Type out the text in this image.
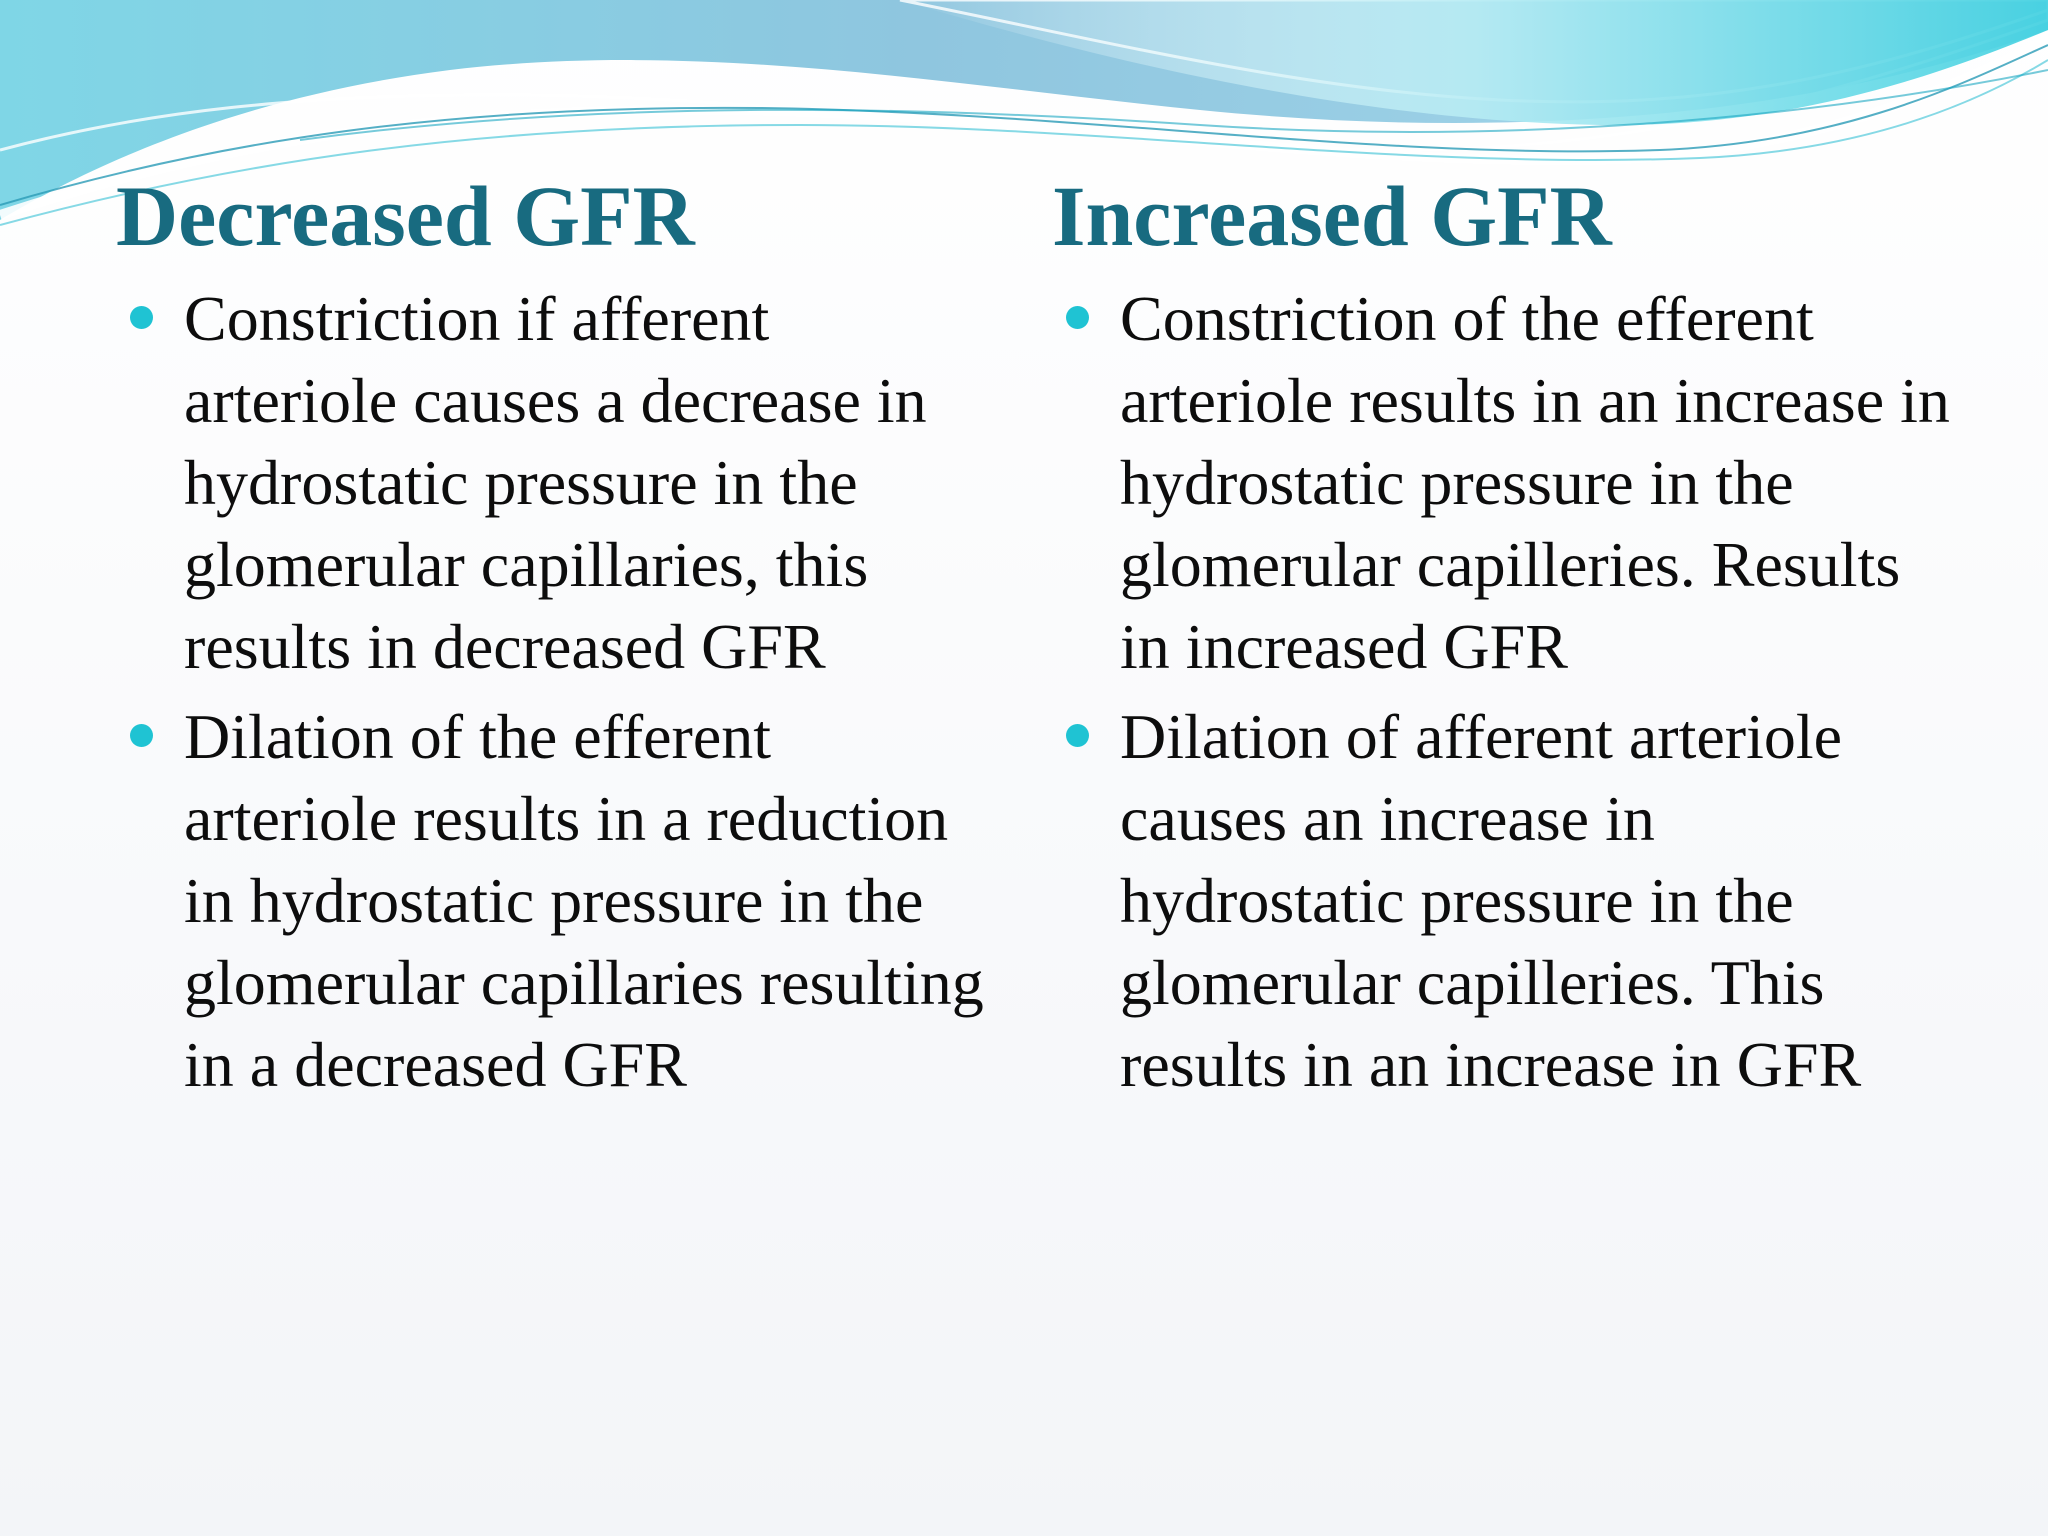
Decreased GFR
Constriction if afferent arteriole causes a decrease in hydrostatic pressure in the glomerular capillaries, this results in decreased GFR
Dilation of the efferent arteriole results in a reduction in hydrostatic pressure in the glomerular capillaries resulting in a decreased GFR
Increased GFR
Constriction of the efferent arteriole results in an increase in hydrostatic pressure in the glomerular capilleries. Results in increased GFR
Dilation of afferent arteriole causes an increase in hydrostatic pressure in the glomerular capilleries. This results in an increase in GFR
